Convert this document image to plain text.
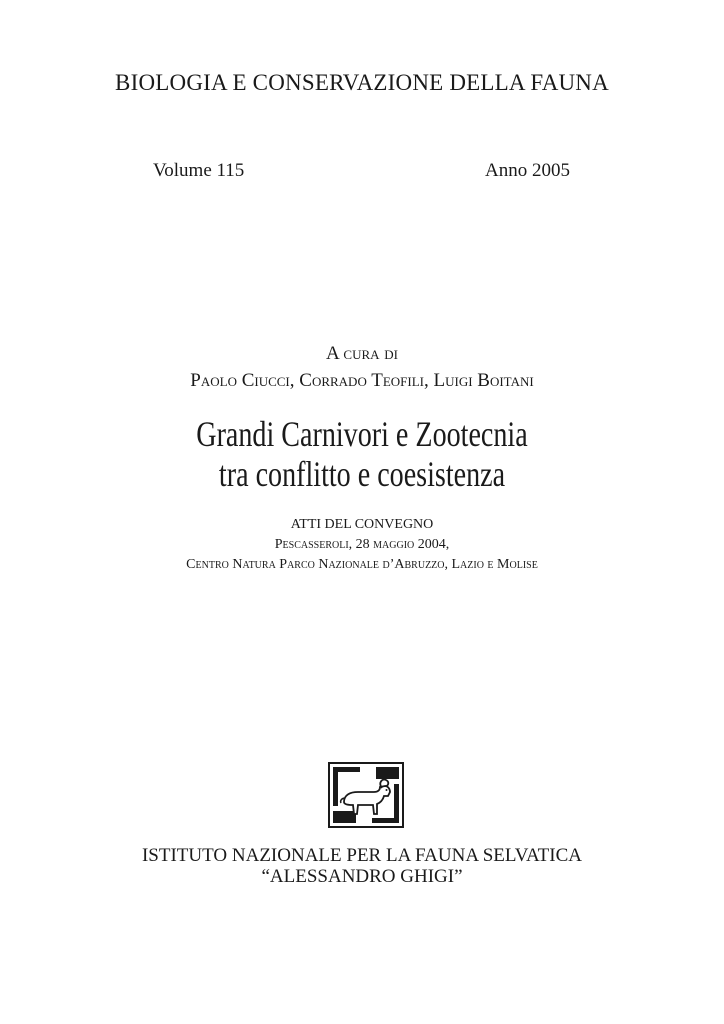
BIOLOGIA E CONSERVAZIONE DELLA FAUNA

Volume 115	Anno 2005

A cura di

Paolo Ciucci, Corrado Teofili, Luigi Boitani

Grandi Carnivori e Zootecnia

tra conflitto e coesistenza

ATTI DEL CONVEGNO

Pescasseroli, 28 maggio 2004,

Centro Natura Parco Nazionale d’Abruzzo, Lazio e Molise

ISTITUTO NAZIONALE PER LA FAUNA SELVATICA

“ALESSANDRO GHIGI”
